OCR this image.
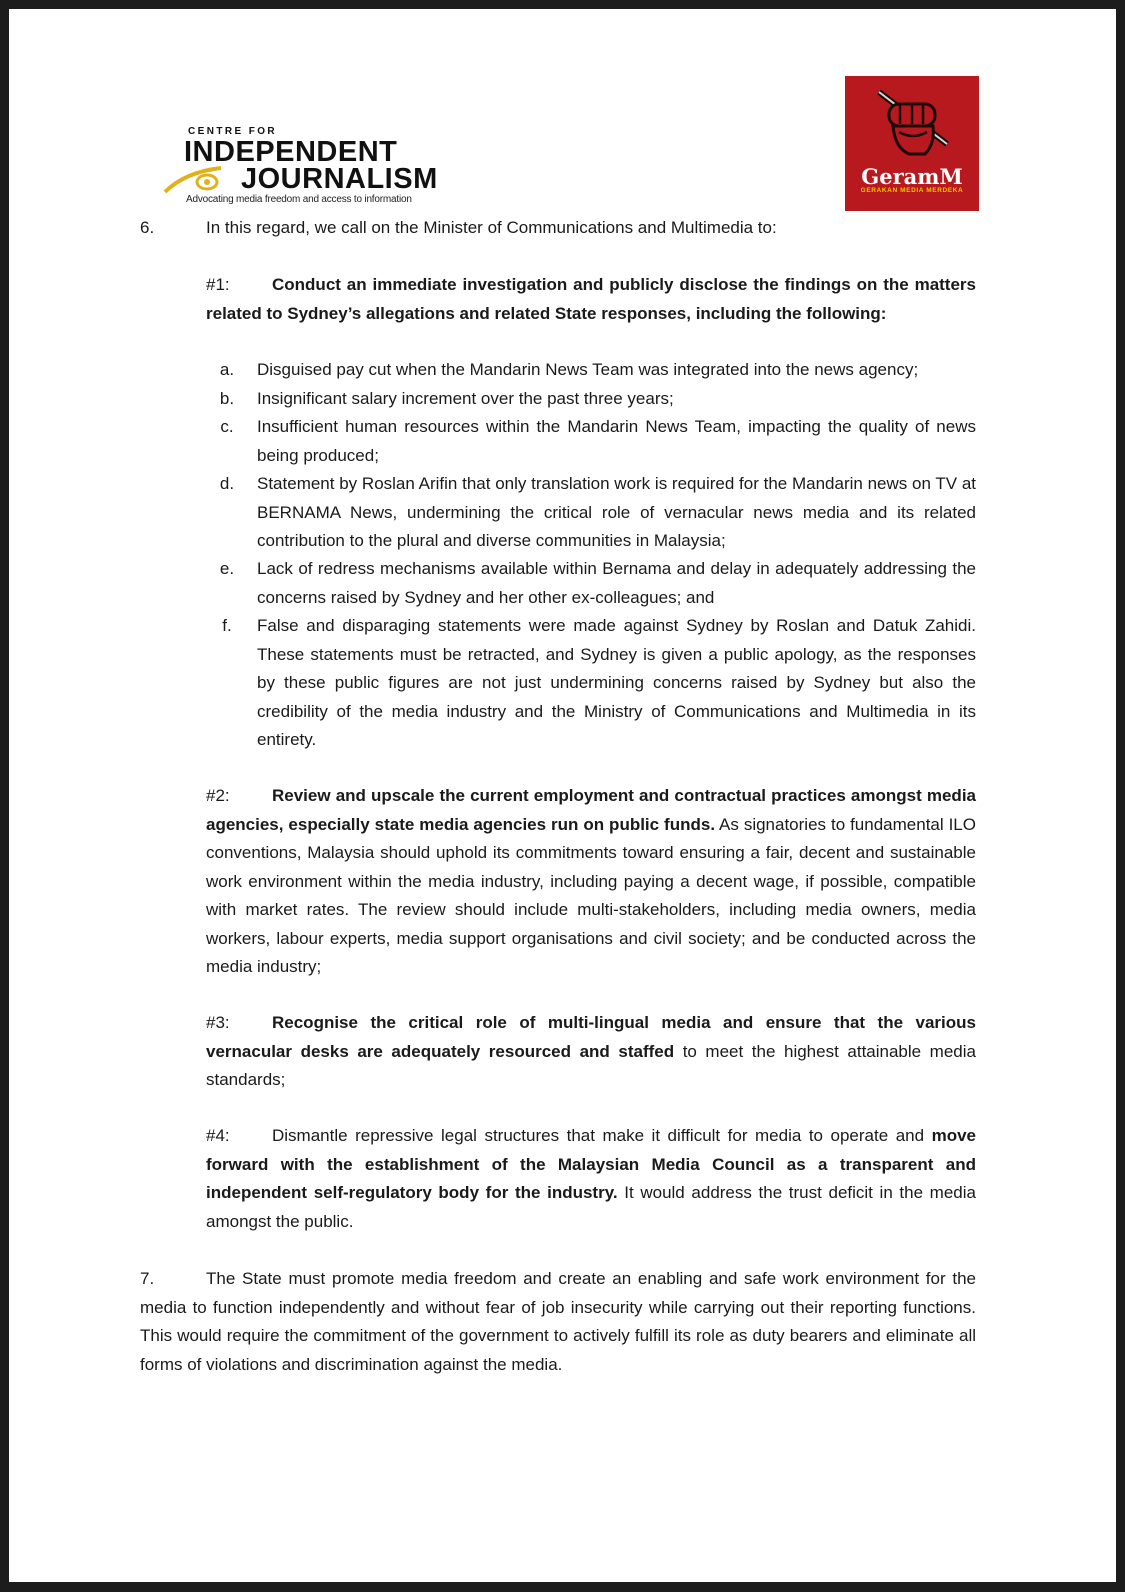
CENTRE FOR
INDEPENDENT
JOURNALISM
Advocating media freedom and access to information
GeramM
GERAKAN MEDIA MERDEKA
6.	In this regard, we call on the Minister of Communications and Multimedia to:
#1: Conduct an immediate investigation and publicly disclose the findings on the matters related to Sydney’s allegations and related State responses, including the following:
a. Disguised pay cut when the Mandarin News Team was integrated into the news agency;
b. Insignificant salary increment over the past three years;
c. Insufficient human resources within the Mandarin News Team, impacting the quality of news being produced;
d. Statement by Roslan Arifin that only translation work is required for the Mandarin news on TV at BERNAMA News, undermining the critical role of vernacular news media and its related contribution to the plural and diverse communities in Malaysia;
e. Lack of redress mechanisms available within Bernama and delay in adequately addressing the concerns raised by Sydney and her other ex-colleagues; and
f.	False and disparaging statements were made against Sydney by Roslan and Datuk Zahidi. These statements must be retracted, and Sydney is given a public apology, as the responses by these public figures are not just undermining concerns raised by Sydney but also the credibility of the media industry and the Ministry of Communications and Multimedia in its entirety.
#2: Review and upscale the current employment and contractual practices amongst media agencies, especially state media agencies run on public funds. As signatories to fundamental ILO conventions, Malaysia should uphold its commitments toward ensuring a fair, decent and sustainable work environment within the media industry, including paying a decent wage, if possible, compatible with market rates. The review should include multi-stakeholders, including media owners, media workers, labour experts, media support organisations and civil society; and be conducted across the media industry;
#3: Recognise the critical role of multi-lingual media and ensure that the various vernacular desks are adequately resourced and staffed to meet the highest attainable media standards;
#4: Dismantle repressive legal structures that make it difficult for media to operate and move forward with the establishment of the Malaysian Media Council as a transparent and independent self-regulatory body for the industry. It would address the trust deficit in the media amongst the public.
7.	The State must promote media freedom and create an enabling and safe work environment for the media to function independently and without fear of job insecurity while carrying out their reporting functions. This would require the commitment of the government to actively fulfill its role as duty bearers and eliminate all forms of violations and discrimination against the media.
